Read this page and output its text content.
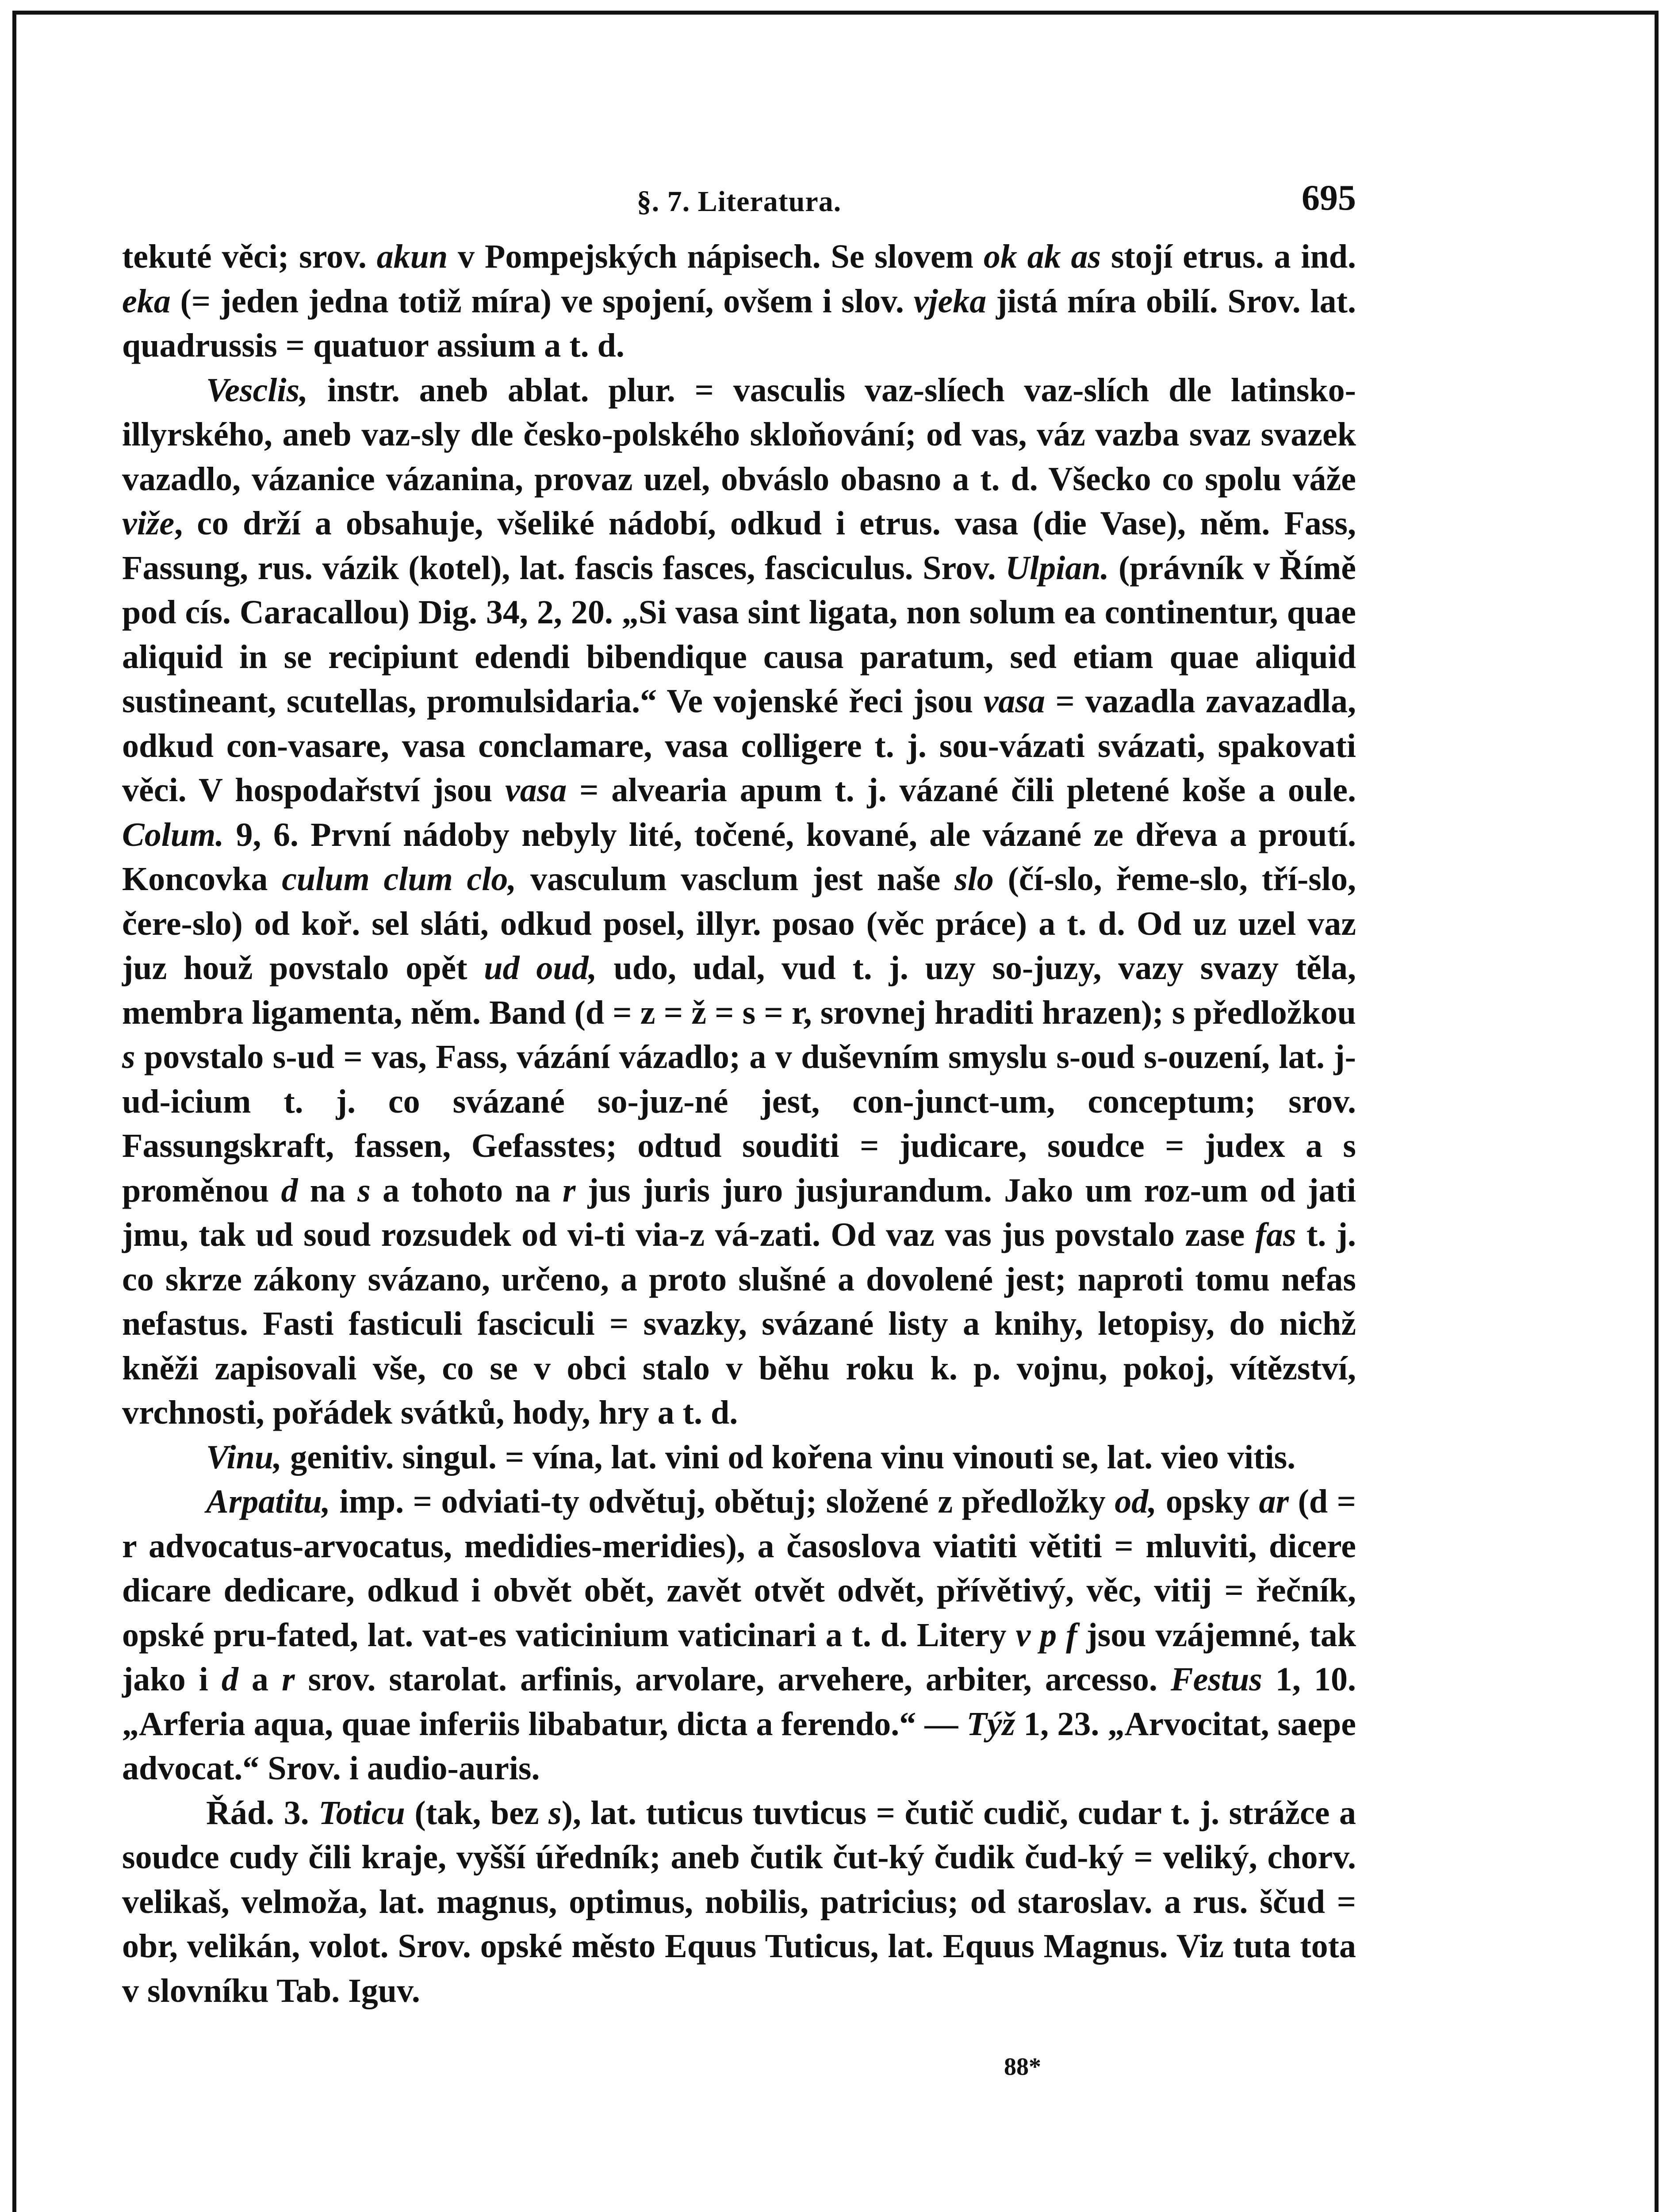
§. 7. Literatura.	695

tekuté věci; srov. akun v Pompejských nápisech. Se slovem ok ak as stojí etrus. a ind. eka (= jeden jedna totiž míra) ve spojení, ovšem i slov. vjeka jistá míra obilí. Srov. lat. quadrussis = quatuor assium a t. d.

Vesclis, instr. aneb ablat. plur. = vasculis vaz-slíech vaz-slích dle latinsko-illyrského, aneb vaz-sly dle česko-polského skloňování; od vas, váz vazba svaz svazek vazadlo, vázanice vázanina, provaz uzel, obváslo obasno a t. d. Všecko co spolu váže viže, co drží a obsahuje, všeliké nádobí, odkud i etrus. vasa (die Vase), něm. Fass, Fassung, rus. vázik (kotel), lat. fascis fasces, fasciculus. Srov. Ulpian. (právník v Římě pod cís. Caracallou) Dig. 34, 2, 20. „Si vasa sint ligata, non solum ea continentur, quae aliquid in se recipiunt edendi bibendique causa paratum, sed etiam quae aliquid sustineant, scutellas, promulsidaria.“ Ve vojenské řeci jsou vasa = vazadla zavazadla, odkud con-vasare, vasa conclamare, vasa colligere t. j. sou-vázati svázati, spakovati věci. V hospodařství jsou vasa = alvearia apum t. j. vázané čili pletené koše a oule. Colum. 9, 6. První nádoby nebyly lité, točené, kované, ale vázané ze dřeva a proutí. Koncovka culum clum clo, vasculum vasclum jest naše slo (čí-slo, řeme-slo, tří-slo, čere-slo) od koř. sel sláti, odkud posel, illyr. posao (věc práce) a t. d. Od uz uzel vaz juz houž povstalo opět ud oud, udo, udal, vud t. j. uzy so-juzy, vazy svazy těla, membra ligamenta, něm. Band (d = z = ž = s = r, srovnej hraditi hrazen); s předložkou s povstalo s-ud = vas, Fass, vázání vázadlo; a v duševním smyslu s-oud s-ouzení, lat. j-ud-icium t. j. co svázané so-juz-né jest, con-junct-um, conceptum; srov. Fassungskraft, fassen, Gefasstes; odtud souditi = judicare, soudce = judex a s proměnou d na s a tohoto na r jus juris juro jusjurandum. Jako um roz-um od jati jmu, tak ud soud rozsudek od vi-ti via-z vá-zati. Od vaz vas jus povstalo zase fas t. j. co skrze zákony svázano, určeno, a proto slušné a dovolené jest; naproti tomu nefas nefastus. Fasti fasticuli fasciculi = svazky, svázané listy a knihy, letopisy, do nichž kněži zapisovali vše, co se v obci stalo v běhu roku k. p. vojnu, pokoj, vítězství, vrchnosti, pořádek svátků, hody, hry a t. d.

Vinu, genitiv. singul. = vína, lat. vini od kořena vinu vinouti se, lat. vieo vitis.

Arpatitu, imp. = odviati-ty odvětuj, obětuj; složené z předložky od, opsky ar (d = r advocatus-arvocatus, medidies-meridies), a časoslova viatiti větiti = mluviti, dicere dicare dedicare, odkud i obvět obět, zavět otvět odvět, přívětivý, věc, vitij = řečník, opské pru-fated, lat. vat-es vaticinium vaticinari a t. d. Litery v p f jsou vzájemné, tak jako i d a r srov. starolat. arfinis, arvolare, arvehere, arbiter, arcesso. Festus 1, 10. „Arferia aqua, quae inferiis libabatur, dicta a ferendo.“ — Týž 1, 23. „Arvocitat, saepe advocat.“ Srov. i audio-auris.

Řád. 3. Toticu (tak, bez s), lat. tuticus tuvticus = čutič cudič, cudar t. j. strážce a soudce cudy čili kraje, vyšší úředník; aneb čutik čut-ký čudik čud-ký = veliký, chorv. velikaš, velmoža, lat. magnus, optimus, nobilis, patricius; od staroslav. a rus. ščud = obr, velikán, volot. Srov. opské město Equus Tuticus, lat. Equus Magnus. Viz tuta tota v slovníku Tab. Iguv.

88*
